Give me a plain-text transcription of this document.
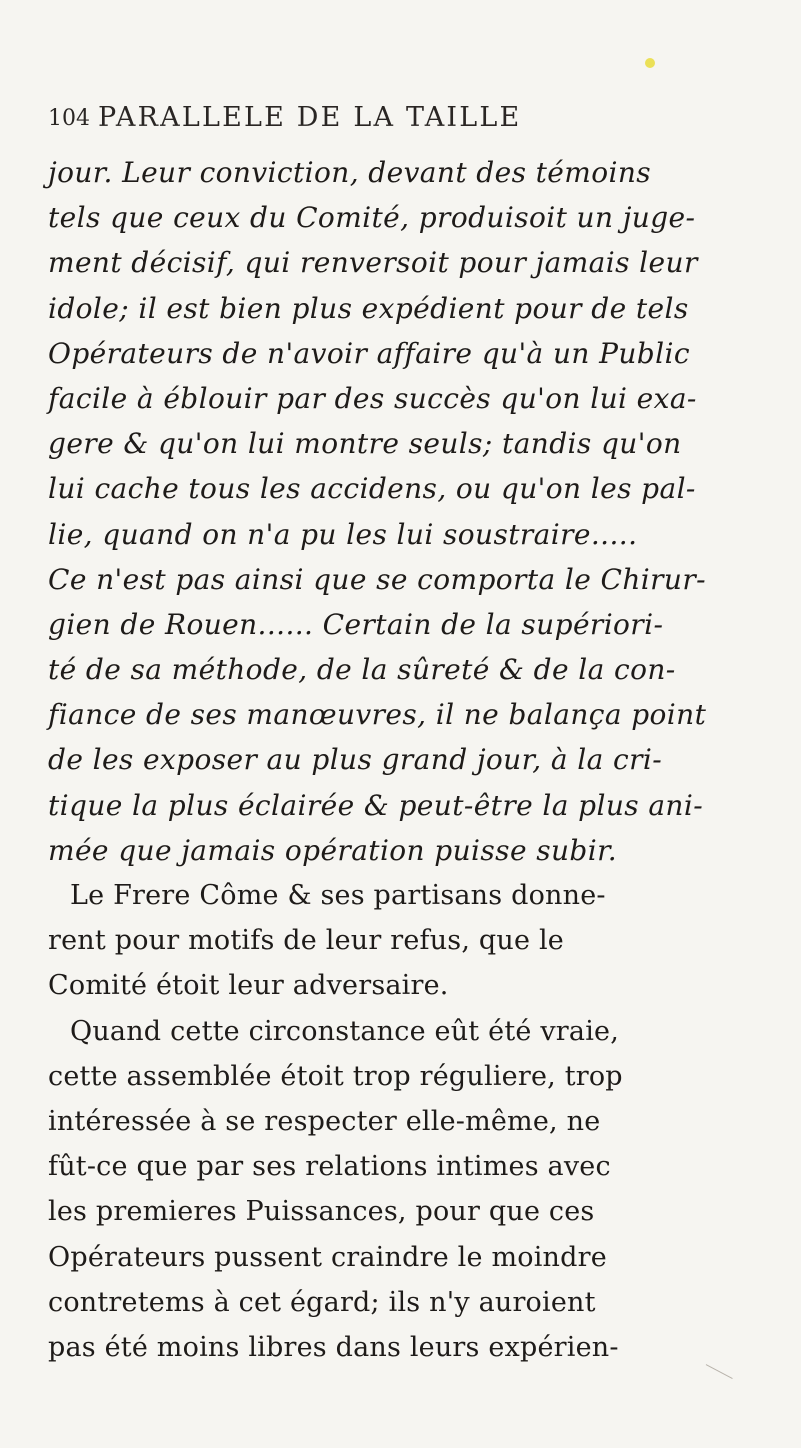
104 PARALLELE DE LA TAILLE
jour. Leur conviction, devant des témoins
tels que ceux du Comité, produisoit un juge-
ment décisif, qui renversoit pour jamais leur
idole; il est bien plus expédient pour de tels
Opérateurs de n'avoir affaire qu'à un Public
facile à éblouir par des succès qu'on lui exa-
gere & qu'on lui montre seuls; tandis qu'on
lui cache tous les accidens, ou qu'on les pal-
lie, quand on n'a pu les lui soustraire.....
Ce n'est pas ainsi que se comporta le Chirur-
gien de Rouen...... Certain de la supériori-
té de sa méthode, de la sûreté & de la con-
fiance de ses manœuvres, il ne balança point
de les exposer au plus grand jour, à la cri-
tique la plus éclairée & peut-être la plus ani-
mée que jamais opération puisse subir.
Le Frere Côme & ses partisans donne-
rent pour motifs de leur refus, que le
Comité étoit leur adversaire.
Quand cette circonstance eût été vraie,
cette assemblée étoit trop réguliere, trop
intéressée à se respecter elle-même, ne
fût-ce que par ses relations intimes avec
les premieres Puissances, pour que ces
Opérateurs pussent craindre le moindre
contretems à cet égard; ils n'y auroient
pas été moins libres dans leurs expérien-
